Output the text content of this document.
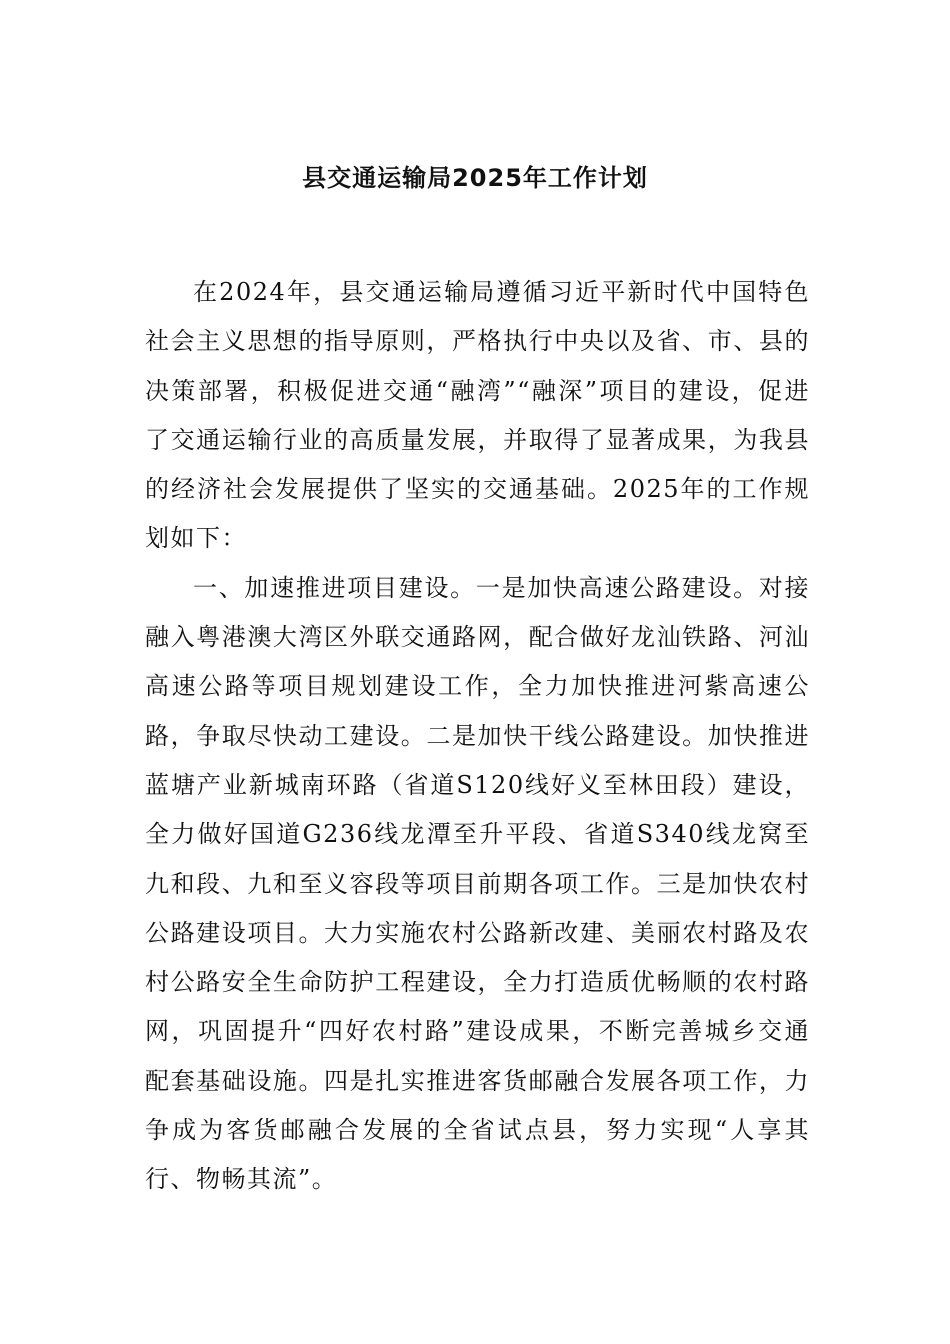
县交通运输局2025年工作计划

在2024年，县交通运输局遵循习近平新时代中国特色社会主义思想的指导原则，严格执行中央以及省、市、县的决策部署，积极促进交通“融湾”“融深”项目的建设，促进了交通运输行业的高质量发展，并取得了显著成果，为我县的经济社会发展提供了坚实的交通基础。2025年的工作规划如下：

一、加速推进项目建设。一是加快高速公路建设。对接融入粤港澳大湾区外联交通路网，配合做好龙汕铁路、河汕高速公路等项目规划建设工作，全力加快推进河紫高速公路，争取尽快动工建设。二是加快干线公路建设。加快推进蓝塘产业新城南环路（省道S120线好义至林田段）建设，全力做好国道G236线龙潭至升平段、省道S340线龙窝至九和段、九和至义容段等项目前期各项工作。三是加快农村公路建设项目。大力实施农村公路新改建、美丽农村路及农村公路安全生命防护工程建设，全力打造质优畅顺的农村路网，巩固提升“四好农村路”建设成果，不断完善城乡交通配套基础设施。四是扎实推进客货邮融合发展各项工作，力争成为客货邮融合发展的全省试点县，努力实现“人享其行、物畅其流”。
